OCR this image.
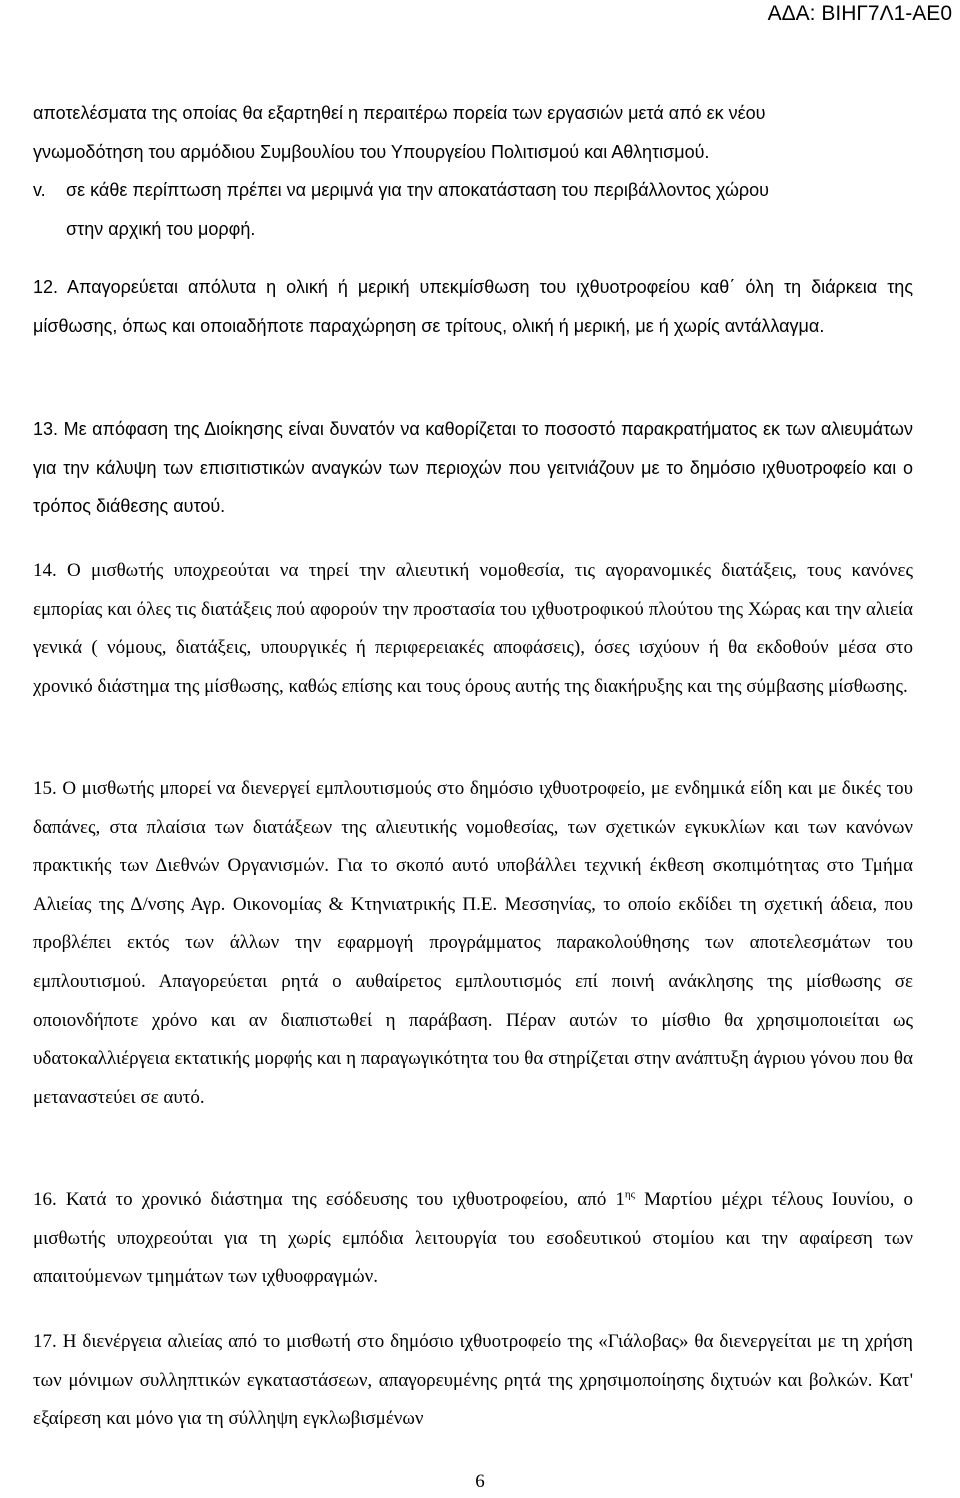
ΑΔΑ: ΒΙΗΓ7Λ1-ΑΕ0
αποτελέσματα της οποίας θα εξαρτηθεί η περαιτέρω πορεία των εργασιών μετά από εκ νέου
γνωμοδότηση του αρμόδιου Συμβουλίου του Υπουργείου Πολιτισμού και Αθλητισμού.
v. σε κάθε περίπτωση πρέπει να μεριμνά για την αποκατάσταση του περιβάλλοντος χώρου
στην αρχική του μορφή.
12. Απαγορεύεται απόλυτα η ολική ή μερική υπεκμίσθωση του ιχθυοτροφείου καθ΄ όλη τη διάρκεια της μίσθωσης, όπως και οποιαδήποτε παραχώρηση σε τρίτους, ολική ή μερική, με ή χωρίς αντάλλαγμα.
13. Με απόφαση της Διοίκησης είναι δυνατόν να καθορίζεται το ποσοστό παρακρατήματος εκ των αλιευμάτων για την κάλυψη των επισιτιστικών αναγκών των περιοχών που γειτνιάζουν με το δημόσιο ιχθυοτροφείο και ο τρόπος διάθεσης αυτού.
14. Ο μισθωτής υποχρεούται να τηρεί την αλιευτική νομοθεσία, τις αγορανομικές διατάξεις, τους κανόνες εμπορίας και όλες τις διατάξεις πού αφορούν την προστασία του ιχθυοτροφικού πλούτου της Χώρας και την αλιεία γενικά ( νόμους, διατάξεις, υπουργικές ή περιφερειακές αποφάσεις), όσες ισχύουν ή θα εκδοθούν μέσα στο χρονικό διάστημα της μίσθωσης, καθώς επίσης και τους όρους αυτής της διακήρυξης και της σύμβασης μίσθωσης.
15. Ο μισθωτής μπορεί να διενεργεί εμπλουτισμούς στο δημόσιο ιχθυοτροφείο, με ενδημικά είδη και με δικές του δαπάνες, στα πλαίσια των διατάξεων της αλιευτικής νομοθεσίας, των σχετικών εγκυκλίων και των κανόνων πρακτικής των Διεθνών Οργανισμών. Για το σκοπό αυτό υποβάλλει τεχνική έκθεση σκοπιμότητας στο Τμήμα Αλιείας της Δ/νσης Αγρ. Οικονομίας & Κτηνιατρικής Π.Ε. Μεσσηνίας, το οποίο εκδίδει τη σχετική άδεια, που προβλέπει εκτός των άλλων την εφαρμογή προγράμματος παρακολούθησης των αποτελεσμάτων του εμπλουτισμού. Απαγορεύεται ρητά ο αυθαίρετος εμπλουτισμός επί ποινή ανάκλησης της μίσθωσης σε οποιονδήποτε χρόνο και αν διαπιστωθεί η παράβαση. Πέραν αυτών το μίσθιο θα χρησιμοποιείται ως υδατοκαλλιέργεια εκτατικής μορφής και η παραγωγικότητα του θα στηρίζεται στην ανάπτυξη άγριου γόνου που θα μεταναστεύει σε αυτό.
16. Κατά το χρονικό διάστημα της εσόδευσης του ιχθυοτροφείου, από $1^{\eta\varsigma}$ Μαρτίου μέχρι τέλους Ιουνίου, ο μισθωτής υποχρεούται για τη χωρίς εμπόδια λειτουργία του εσοδευτικού στομίου και την αφαίρεση των απαιτούμενων τμημάτων των ιχθυοφραγμών.
17. Η διενέργεια αλιείας από το μισθωτή στο δημόσιο ιχθυοτροφείο της «Γιάλοβας» θα διενεργείται με τη χρήση των μόνιμων συλληπτικών εγκαταστάσεων, απαγορευμένης ρητά της χρησιμοποίησης διχτυών και βολκών. Κατ' εξαίρεση και μόνο για τη σύλληψη εγκλωβισμένων
6
